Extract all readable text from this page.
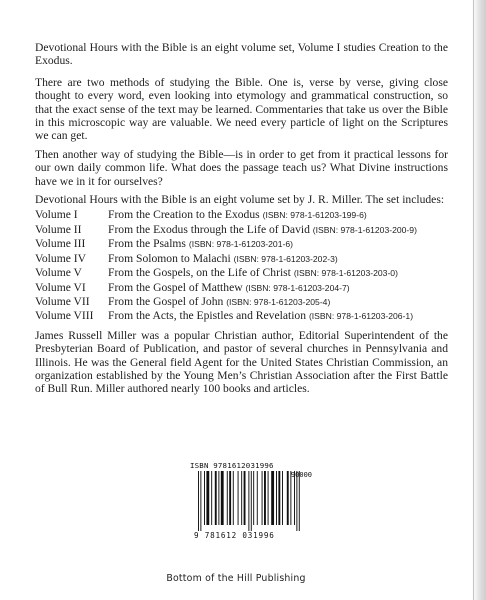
Devotional Hours with the Bible is an eight volume set, Volume I studies Creation to the Exodus.

There are two methods of studying the Bible. One is, verse by verse, giving close thought to every word, even looking into etymology and grammatical construction, so that the exact sense of the text may be learned. Commentaries that take us over the Bible in this microscopic way are valuable. We need every particle of light on the Scriptures we can get.

Then another way of studying the Bible—is in order to get from it practical lessons for our own daily common life. What does the passage teach us? What Divine instructions have we in it for ourselves?

Devotional Hours with the Bible is an eight volume set by J. R. Miller. The set includes:

Volume I	From the Creation to the Exodus (ISBN: 978-1-61203-199-6)
Volume II	From the Exodus through the Life of David (ISBN: 978-1-61203-200-9)
Volume III	From the Psalms (ISBN: 978-1-61203-201-6)
Volume IV	From Solomon to Malachi (ISBN: 978-1-61203-202-3)
Volume V	From the Gospels, on the Life of Christ (ISBN: 978-1-61203-203-0)
Volume VI	From the Gospel of Matthew (ISBN: 978-1-61203-204-7)
Volume VII	From the Gospel of John (ISBN: 978-1-61203-205-4)
Volume VIII	From the Acts, the Epistles and Revelation (ISBN: 978-1-61203-206-1)

James Russell Miller was a popular Christian author, Editorial Superintendent of the Presbyterian Board of Publication, and pastor of several churches in Pennsylvania and Illinois. He was the General field Agent for the United States Christian Commission, an organization established by the Young Men’s Christian Association after the First Battle of Bull Run. Miller authored nearly 100 books and articles.

ISBN 9781612031996
90000
9 781612 031996
Bottom of the Hill Publishing
